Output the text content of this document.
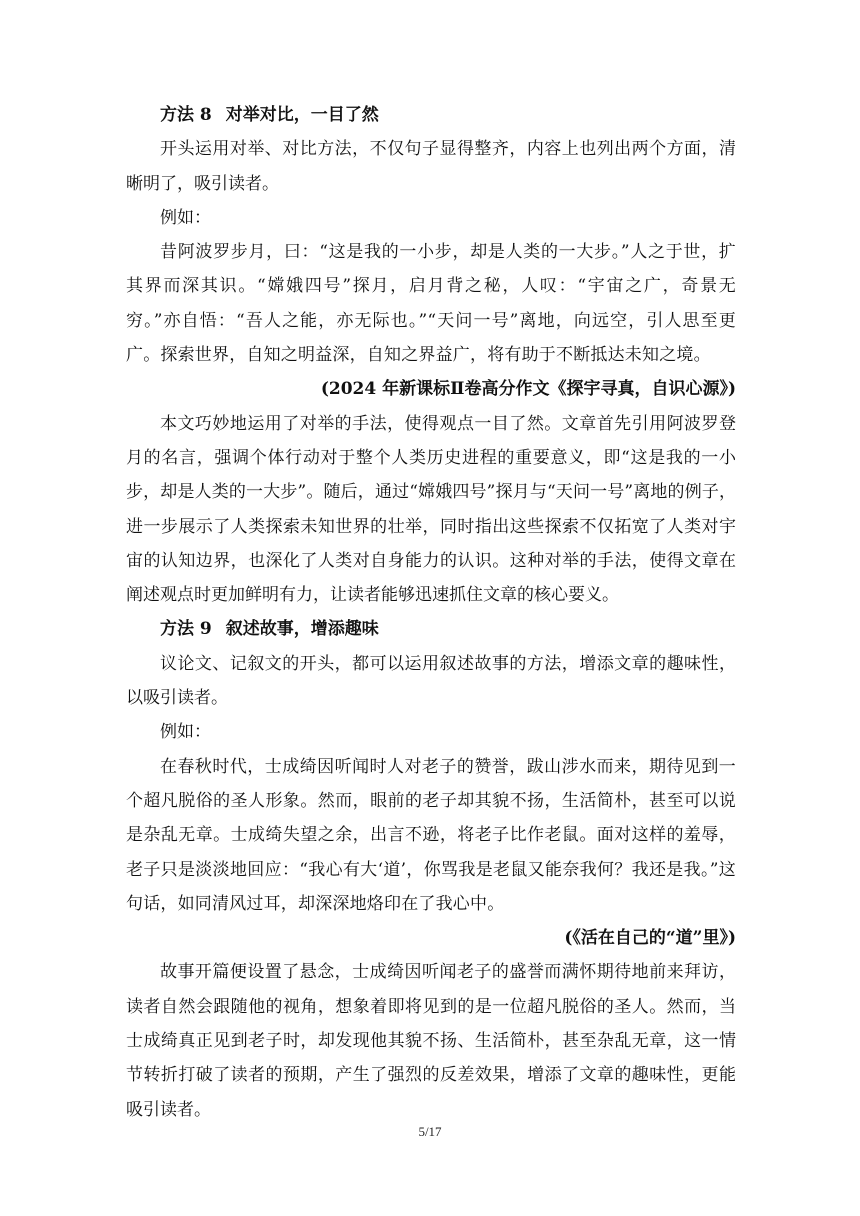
方法 8 对举对比，一目了然

开头运用对举、对比方法，不仅句子显得整齐，内容上也列出两个方面，清晰明了，吸引读者。

例如：

昔阿波罗步月，曰：“这是我的一小步，却是人类的一大步。”人之于世，扩其界而深其识。“嫦娥四号”探月，启月背之秘，人叹：“宇宙之广，奇景无穷。”亦自悟：“吾人之能，亦无际也。”“天问一号”离地，向远空，引人思至更广。探索世界，自知之明益深，自知之界益广，将有助于不断抵达未知之境。

(2024 年新课标Ⅱ卷高分作文《探宇寻真，自识心源》)

本文巧妙地运用了对举的手法，使得观点一目了然。文章首先引用阿波罗登月的名言，强调个体行动对于整个人类历史进程的重要意义，即“这是我的一小步，却是人类的一大步”。随后，通过“嫦娥四号”探月与“天问一号”离地的例子，进一步展示了人类探索未知世界的壮举，同时指出这些探索不仅拓宽了人类对宇宙的认知边界，也深化了人类对自身能力的认识。这种对举的手法，使得文章在阐述观点时更加鲜明有力，让读者能够迅速抓住文章的核心要义。

方法 9 叙述故事，增添趣味

议论文、记叙文的开头，都可以运用叙述故事的方法，增添文章的趣味性，以吸引读者。

例如：

在春秋时代，士成绮因听闻时人对老子的赞誉，跋山涉水而来，期待见到一个超凡脱俗的圣人形象。然而，眼前的老子却其貌不扬，生活简朴，甚至可以说是杂乱无章。士成绮失望之余，出言不逊，将老子比作老鼠。面对这样的羞辱，老子只是淡淡地回应：“我心有大‘道’，你骂我是老鼠又能奈我何？我还是我。”这句话，如同清风过耳，却深深地烙印在了我心中。

(《活在自己的“道”里》)

故事开篇便设置了悬念，士成绮因听闻老子的盛誉而满怀期待地前来拜访，读者自然会跟随他的视角，想象着即将见到的是一位超凡脱俗的圣人。然而，当士成绮真正见到老子时，却发现他其貌不扬、生活简朴，甚至杂乱无章，这一情节转折打破了读者的预期，产生了强烈的反差效果，增添了文章的趣味性，更能吸引读者。

5/17
